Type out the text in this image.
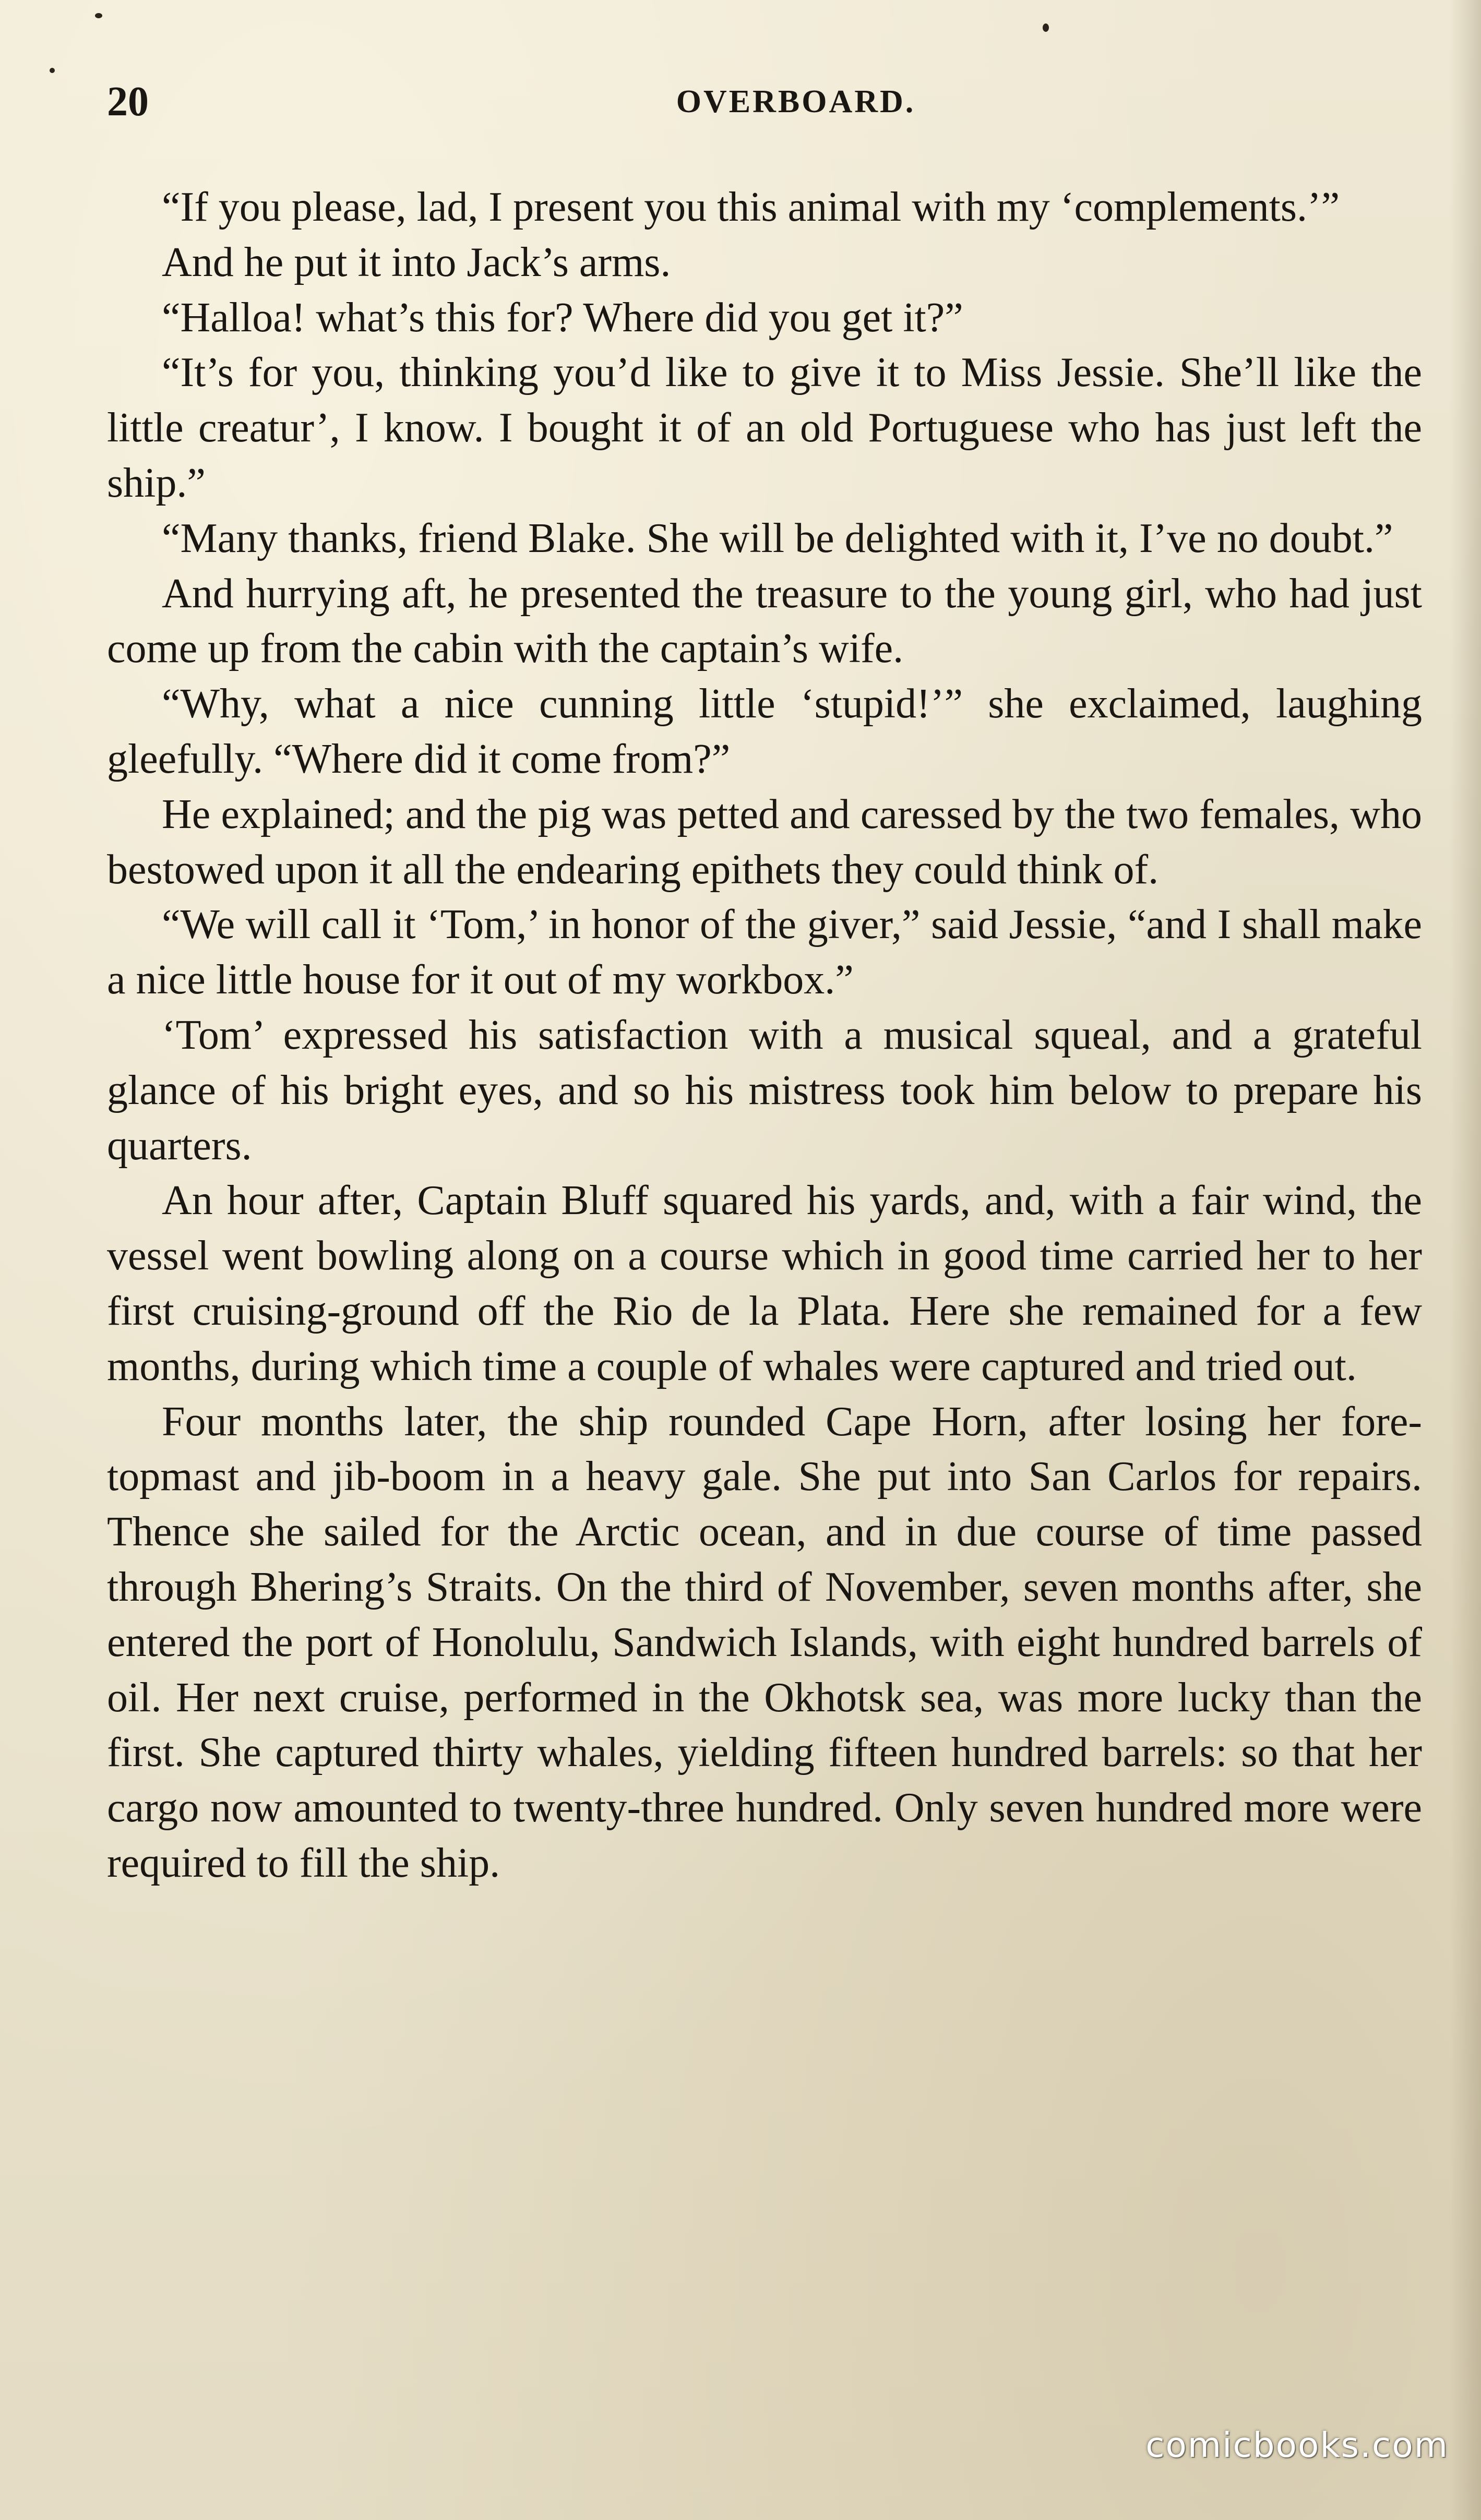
20	OVERBOARD.

“If you please, lad, I present you this animal with my ‘complements.’”

And he put it into Jack’s arms.

“Halloa! what’s this for? Where did you get it?”

“It’s for you, thinking you’d like to give it to Miss Jessie. She’ll like the little creatur’, I know. I bought it of an old Portuguese who has just left the ship.”

“Many thanks, friend Blake. She will be delighted with it, I’ve no doubt.”

And hurrying aft, he presented the treasure to the young girl, who had just come up from the cabin with the captain’s wife.

“Why, what a nice cunning little ‘stupid!’” she exclaimed, laughing gleefully. “Where did it come from?”

He explained; and the pig was petted and caressed by the two females, who bestowed upon it all the endearing epithets they could think of.

“We will call it ‘Tom,’ in honor of the giver,” said Jessie, “and I shall make a nice little house for it out of my workbox.”

‘Tom’ expressed his satisfaction with a musical squeal, and a grateful glance of his bright eyes, and so his mistress took him below to prepare his quarters.

An hour after, Captain Bluff squared his yards, and, with a fair wind, the vessel went bowling along on a course which in good time carried her to her first cruising-ground off the Rio de la Plata. Here she remained for a few months, during which time a couple of whales were captured and tried out.

Four months later, the ship rounded Cape Horn, after losing her fore-topmast and jib-boom in a heavy gale. She put into San Carlos for repairs. Thence she sailed for the Arctic ocean, and in due course of time passed through Bhering’s Straits. On the third of November, seven months after, she entered the port of Honolulu, Sandwich Islands, with eight hundred barrels of oil. Her next cruise, performed in the Okhotsk sea, was more lucky than the first. She captured thirty whales, yielding fifteen hundred barrels: so that her cargo now amounted to twenty-three hundred. Only seven hundred more were required to fill the ship.

comicbooks.com
